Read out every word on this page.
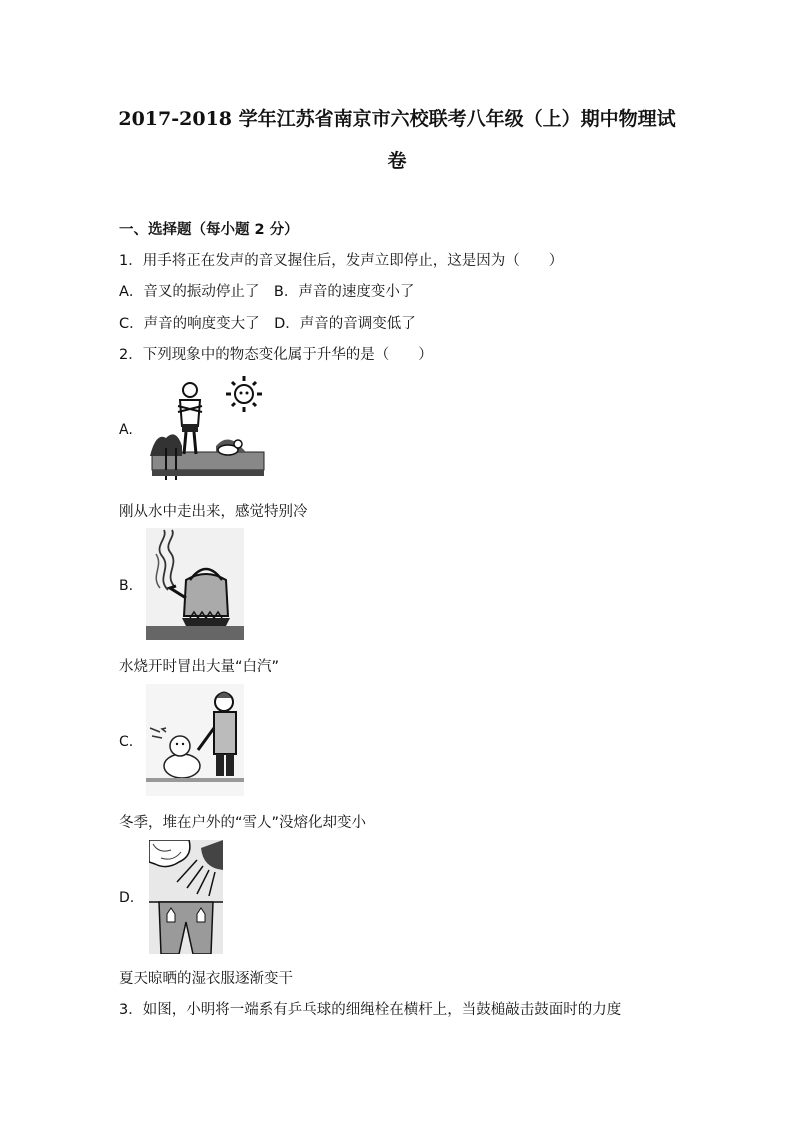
2017-2018 学年江苏省南京市六校联考八年级（上）期中物理试
卷
一、选择题（每小题 2 分）
1．用手将正在发声的音叉握住后，发声立即停止，这是因为（　　）
A．音叉的振动停止了　B．声音的速度变小了
C．声音的响度变大了　D．声音的音调变低了
2．下列现象中的物态变化属于升华的是（　　）
A.
刚从水中走出来，感觉特别冷
B.
水烧开时冒出大量“白汽”
C.
冬季，堆在户外的“雪人”没熔化却变小
D.
夏天晾晒的湿衣服逐渐变干
3．如图，小明将一端系有乒乓球的细绳栓在横杆上，当鼓槌敲击鼓面时的力度
